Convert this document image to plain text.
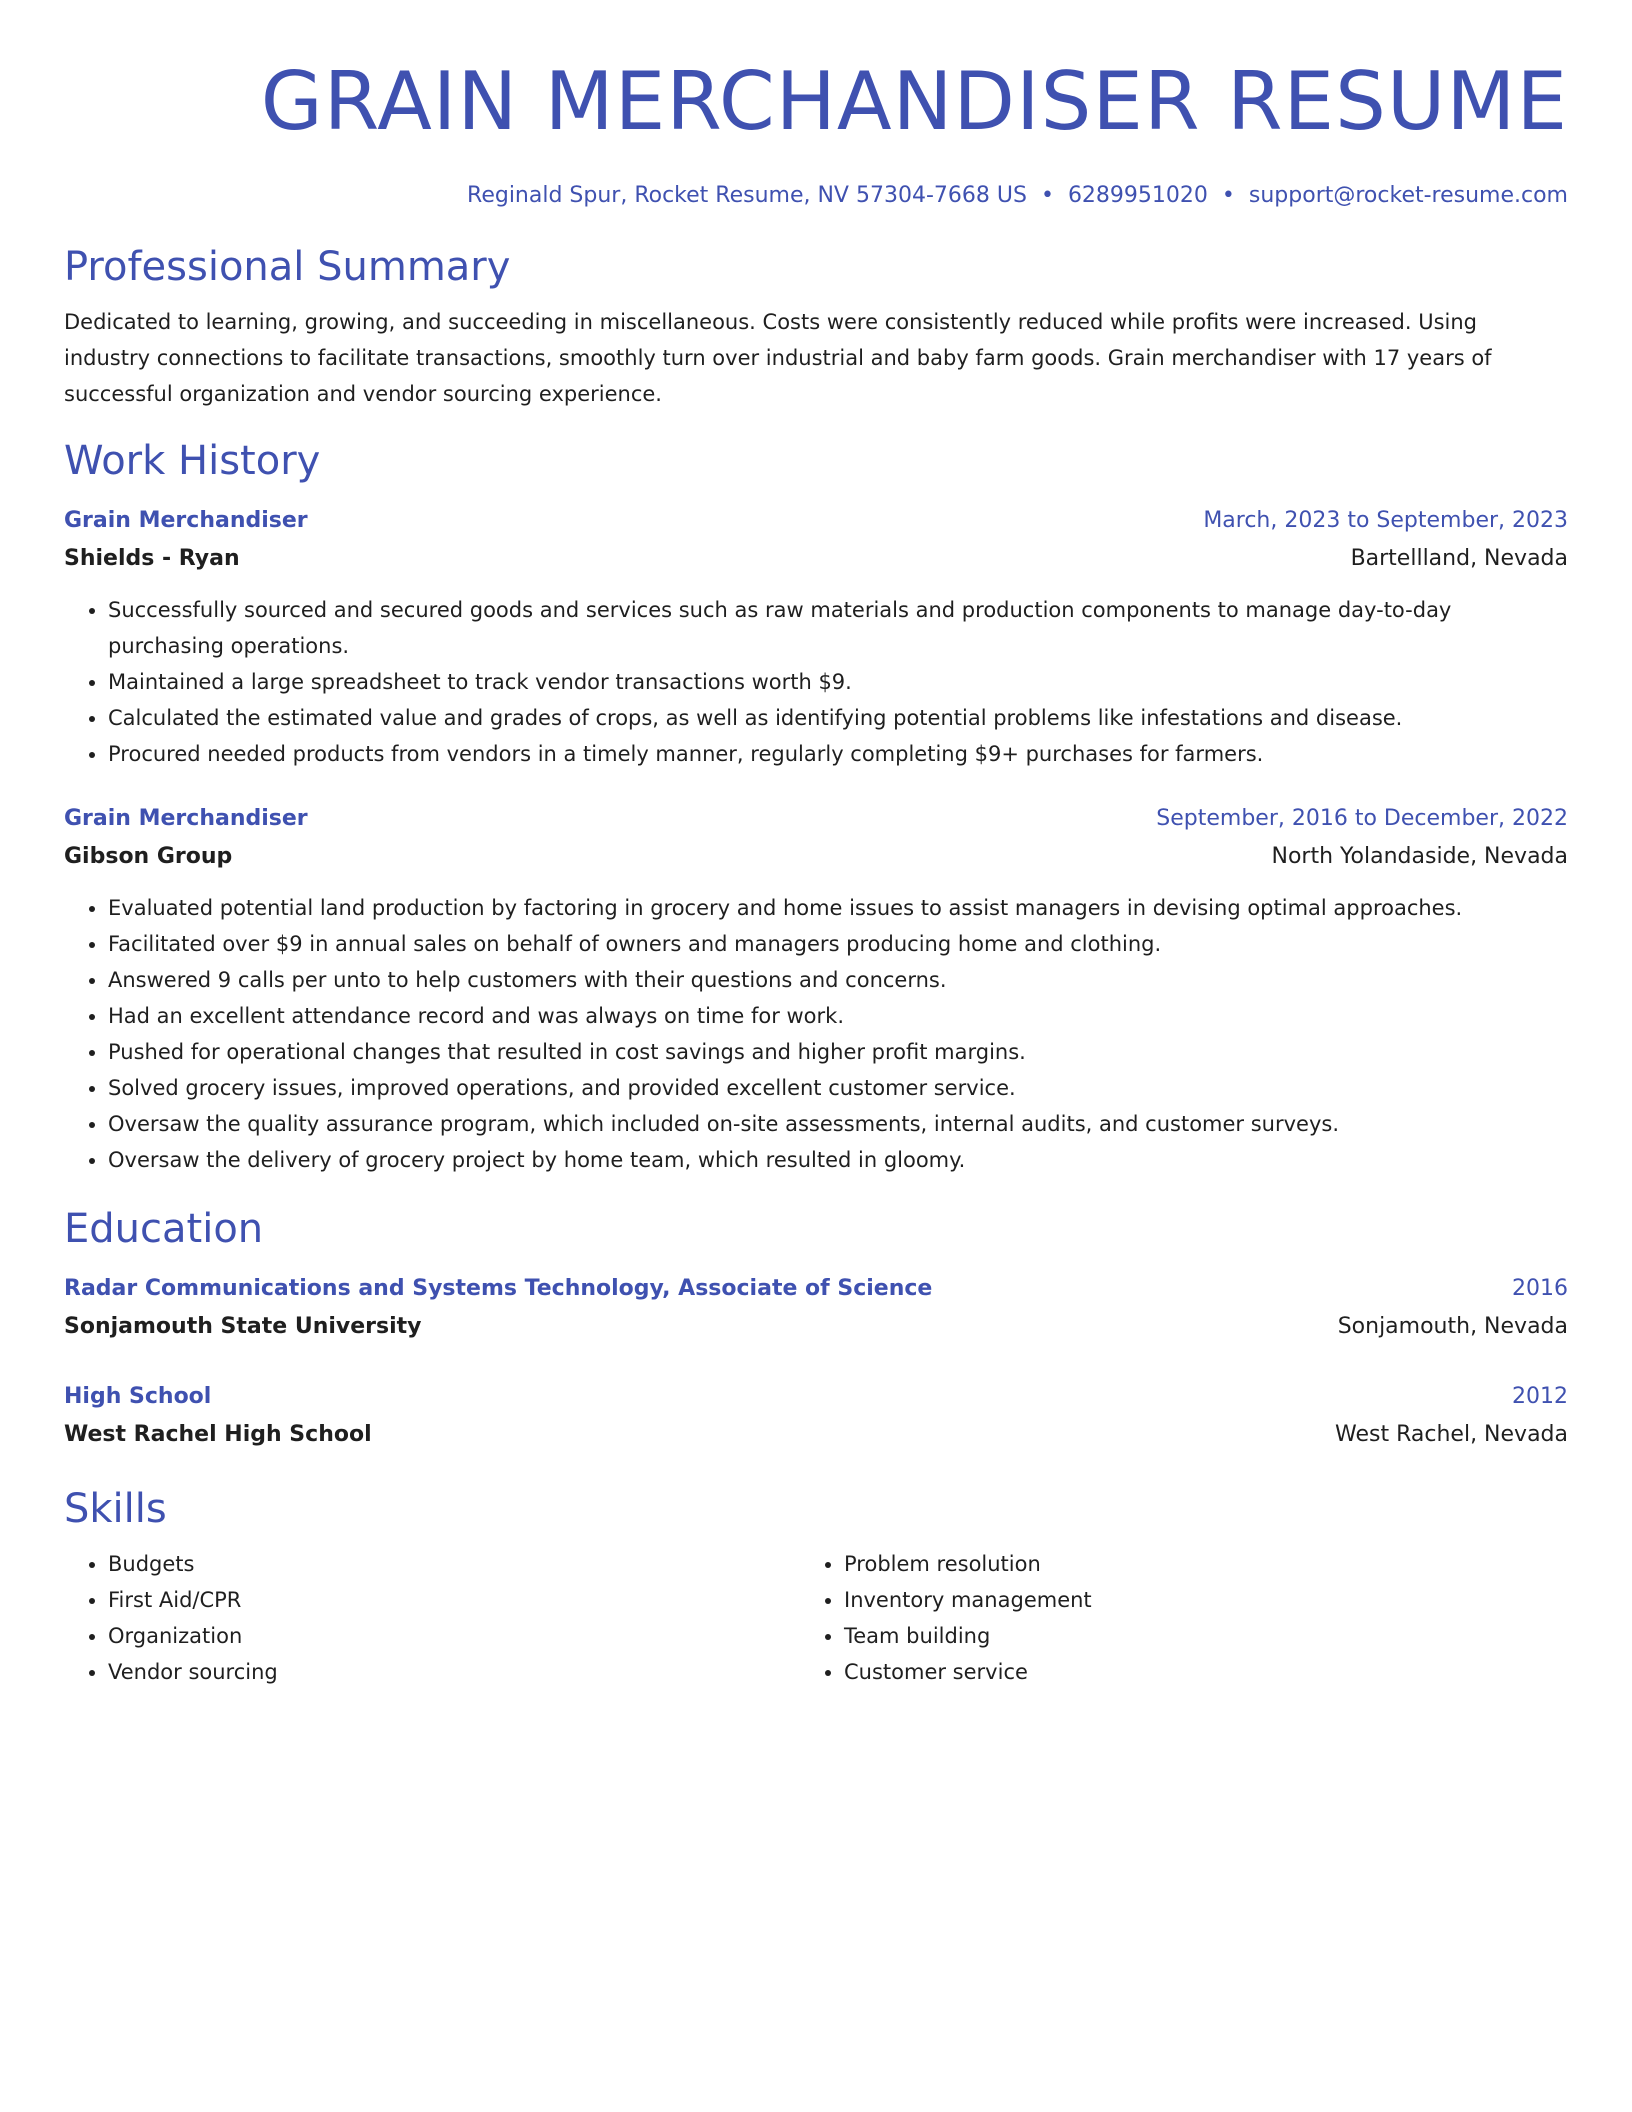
GRAIN MERCHANDISER RESUME
Reginald Spur, Rocket Resume, NV 57304-7668 US • 6289951020 • support@rocket-resume.com
Professional Summary
Dedicated to learning, growing, and succeeding in miscellaneous. Costs were consistently reduced while profits were increased. Using industry connections to facilitate transactions, smoothly turn over industrial and baby farm goods. Grain merchandiser with 17 years of successful organization and vendor sourcing experience.
Work History
Grain Merchandiser	March, 2023 to September, 2023
Shields - Ryan	Bartellland, Nevada
• Successfully sourced and secured goods and services such as raw materials and production components to manage day-to-day purchasing operations.
• Maintained a large spreadsheet to track vendor transactions worth $9.
• Calculated the estimated value and grades of crops, as well as identifying potential problems like infestations and disease.
• Procured needed products from vendors in a timely manner, regularly completing $9+ purchases for farmers.
Grain Merchandiser	September, 2016 to December, 2022
Gibson Group	North Yolandaside, Nevada
• Evaluated potential land production by factoring in grocery and home issues to assist managers in devising optimal approaches.
• Facilitated over $9 in annual sales on behalf of owners and managers producing home and clothing.
• Answered 9 calls per unto to help customers with their questions and concerns.
• Had an excellent attendance record and was always on time for work.
• Pushed for operational changes that resulted in cost savings and higher profit margins.
• Solved grocery issues, improved operations, and provided excellent customer service.
• Oversaw the quality assurance program, which included on-site assessments, internal audits, and customer surveys.
• Oversaw the delivery of grocery project by home team, which resulted in gloomy.
Education
Radar Communications and Systems Technology, Associate of Science	2016
Sonjamouth State University	Sonjamouth, Nevada
High School	2012
West Rachel High School	West Rachel, Nevada
Skills
• Budgets
• First Aid/CPR
• Organization
• Vendor sourcing
• Problem resolution
• Inventory management
• Team building
• Customer service
